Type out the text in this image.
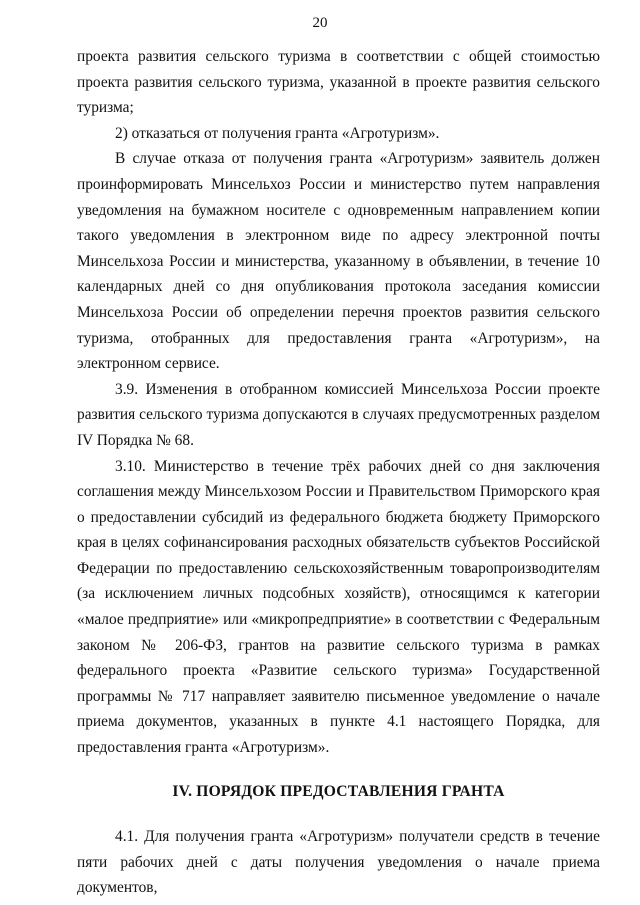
20

проекта развития сельского туризма в соответствии с общей стоимостью проекта развития сельского туризма, указанной в проекте развития сельского туризма;

2) отказаться от получения гранта «Агротуризм».

В случае отказа от получения гранта «Агротуризм» заявитель должен проинформировать Минсельхоз России и министерство путем направления уведомления на бумажном носителе с одновременным направлением копии такого уведомления в электронном виде по адресу электронной почты Минсельхоза России и министерства, указанному в объявлении, в течение 10 календарных дней со дня опубликования протокола заседания комиссии Минсельхоза России об определении перечня проектов развития сельского туризма, отобранных для предоставления гранта «Агротуризм», на электронном сервисе.

3.9. Изменения в отобранном комиссией Минсельхоза России проекте развития сельского туризма допускаются в случаях предусмотренных разделом IV Порядка № 68.

3.10. Министерство в течение трёх рабочих дней со дня заключения соглашения между Минсельхозом России и Правительством Приморского края о предоставлении субсидий из федерального бюджета бюджету Приморского края в целях софинансирования расходных обязательств субъектов Российской Федерации по предоставлению сельскохозяйственным товаропроизводителям (за исключением личных подсобных хозяйств), относящимся к категории «малое предприятие» или «микропредприятие» в соответствии с Федеральным законом № 206-ФЗ, грантов на развитие сельского туризма в рамках федерального проекта «Развитие сельского туризма» Государственной программы № 717 направляет заявителю письменное уведомление о начале приема документов, указанных в пункте 4.1 настоящего Порядка, для предоставления гранта «Агротуризм».

IV. ПОРЯДОК ПРЕДОСТАВЛЕНИЯ ГРАНТА

4.1. Для получения гранта «Агротуризм» получатели средств в течение пяти рабочих дней с даты получения уведомления о начале приема документов,
